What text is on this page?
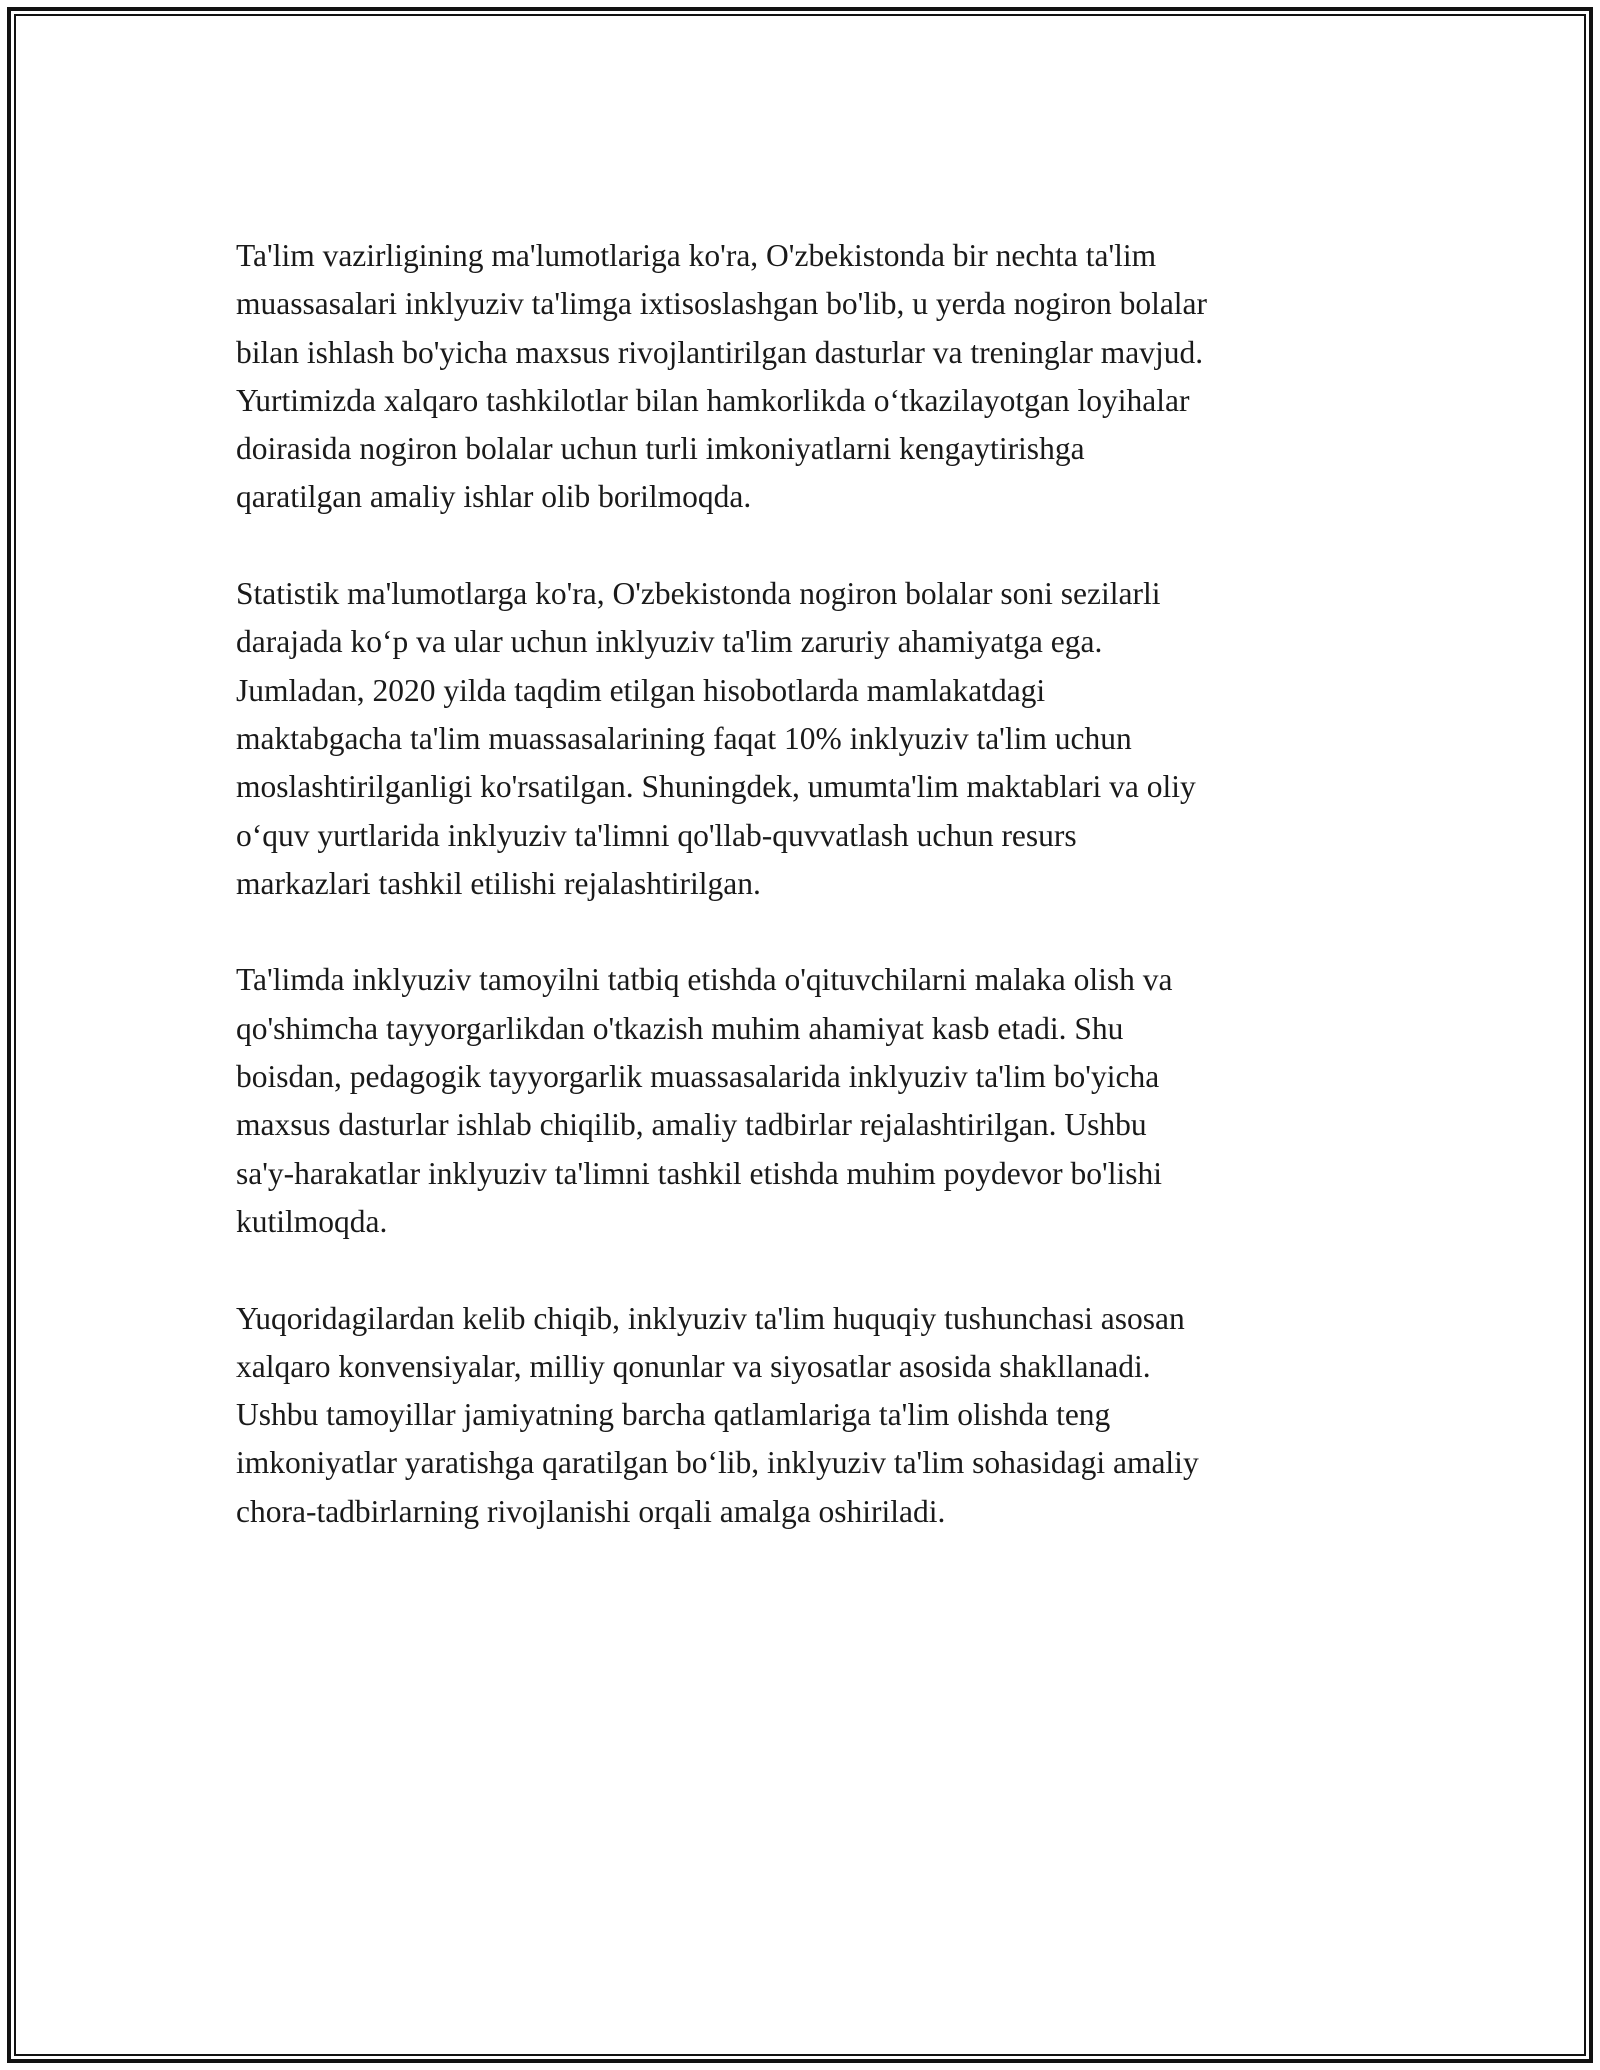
Ta'lim vazirligining ma'lumotlariga ko'ra, O'zbekistonda bir nechta ta'lim
muassasalari inklyuziv ta'limga ixtisoslashgan bo'lib, u yerda nogiron bolalar
bilan ishlash bo'yicha maxsus rivojlantirilgan dasturlar va treninglar mavjud.
Yurtimizda xalqaro tashkilotlar bilan hamkorlikda o‘tkazilayotgan loyihalar
doirasida nogiron bolalar uchun turli imkoniyatlarni kengaytirishga
qaratilgan amaliy ishlar olib borilmoqda.

Statistik ma'lumotlarga ko'ra, O'zbekistonda nogiron bolalar soni sezilarli
darajada ko‘p va ular uchun inklyuziv ta'lim zaruriy ahamiyatga ega.
Jumladan, 2020 yilda taqdim etilgan hisobotlarda mamlakatdagi
maktabgacha ta'lim muassasalarining faqat 10% inklyuziv ta'lim uchun
moslashtirilganligi ko'rsatilgan. Shuningdek, umumta'lim maktablari va oliy
o‘quv yurtlarida inklyuziv ta'limni qo'llab-quvvatlash uchun resurs
markazlari tashkil etilishi rejalashtirilgan.

Ta'limda inklyuziv tamoyilni tatbiq etishda o'qituvchilarni malaka olish va
qo'shimcha tayyorgarlikdan o'tkazish muhim ahamiyat kasb etadi. Shu
boisdan, pedagogik tayyorgarlik muassasalarida inklyuziv ta'lim bo'yicha
maxsus dasturlar ishlab chiqilib, amaliy tadbirlar rejalashtirilgan. Ushbu
sa'y-harakatlar inklyuziv ta'limni tashkil etishda muhim poydevor bo'lishi
kutilmoqda.

Yuqoridagilardan kelib chiqib, inklyuziv ta'lim huquqiy tushunchasi asosan
xalqaro konvensiyalar, milliy qonunlar va siyosatlar asosida shakllanadi.
Ushbu tamoyillar jamiyatning barcha qatlamlariga ta'lim olishda teng
imkoniyatlar yaratishga qaratilgan bo‘lib, inklyuziv ta'lim sohasidagi amaliy
chora-tadbirlarning rivojlanishi orqali amalga oshiriladi.
